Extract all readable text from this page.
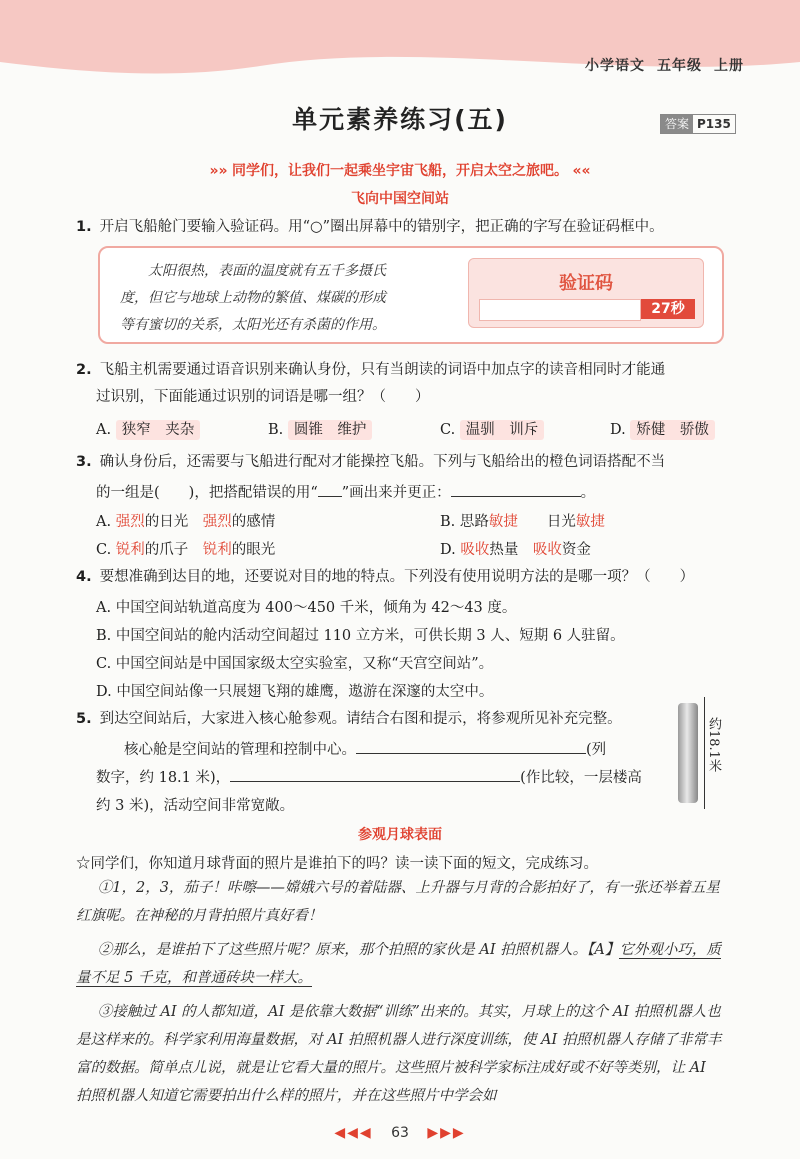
小学语文 五年级 上册
单元素养练习(五)	答案 P135
»» 同学们，让我们一起乘坐宇宙飞船，开启太空之旅吧。 ««
飞向中国空间站
1. 开启飞船舱门要输入验证码。用“○”圈出屏幕中的错别字，把正确的字写在验证码框中。
太阳很热，表面的温度就有五千多摄氏
度，但它与地球上动物的繁值、煤碳的形成
等有蜜切的关系，太阳光还有杀菌的作用。
验证码
27秒
2. 飞船主机需要通过语音识别来确认身份，只有当朗读的词语中加点字的读音相同时才能通
过识别，下面能通过识别的词语是哪一组？（　　）
A. 狭窄　夹杂	B. 圆锥　维护	C. 温驯　训斥	D. 矫健　骄傲
3. 确认身份后，还需要与飞船进行配对才能操控飞船。下列与飞船给出的橙色词语搭配不当
的一组是(　　)，把搭配错误的用“ ”画出来并更正：	。
A. 强烈的日光　 强烈的感情	B. 思路敏捷　　 日光敏捷
C. 锐利的爪子　 锐利的眼光	D. 吸收热量　 吸收资金
4. 要想准确到达目的地，还要说对目的地的特点。下列没有使用说明方法的是哪一项？（　　）
A. 中国空间站轨道高度为 400～450 千米，倾角为 42～43 度。
B. 中国空间站的舱内活动空间超过 110 立方米，可供长期 3 人、短期 6 人驻留。
C. 中国空间站是中国国家级太空实验室，又称“天宫空间站”。
D. 中国空间站像一只展翅飞翔的雄鹰，遨游在深邃的太空中。
5. 到达空间站后，大家进入核心舱参观。请结合右图和提示，将参观所见补充完整。
核心舱是空间站的管理和控制中心。	(列
数字，约 18.1 米)，	(作比较，一层楼高
约 3 米)，活动空间非常宽敞。
约18.1米
参观月球表面
☆同学们，你知道月球背面的照片是谁拍下的吗？读一读下面的短文，完成练习。
①1，2，3，茄子！咔嚓——嫦娥六号的着陆器、上升器与月背的合影拍好了，有一张还举着五星红旗呢。在神秘的月背拍照片真好看！
②那么，是谁拍下了这些照片呢？原来，那个拍照的家伙是 AI 拍照机器人。【A】它外观小巧，质量不足 5 千克，和普通砖块一样大。
③接触过 AI 的人都知道，AI 是依靠大数据“训练”出来的。其实，月球上的这个 AI 拍照机器人也是这样来的。科学家利用海量数据，对 AI 拍照机器人进行深度训练，使 AI 拍照机器人存储了非常丰富的数据。简单点儿说，就是让它看大量的照片。这些照片被科学家标注成好或不好等类别，让 AI 拍照机器人知道它需要拍出什么样的照片，并在这些照片中学会如
◀◀◀ 63 ▶▶▶
